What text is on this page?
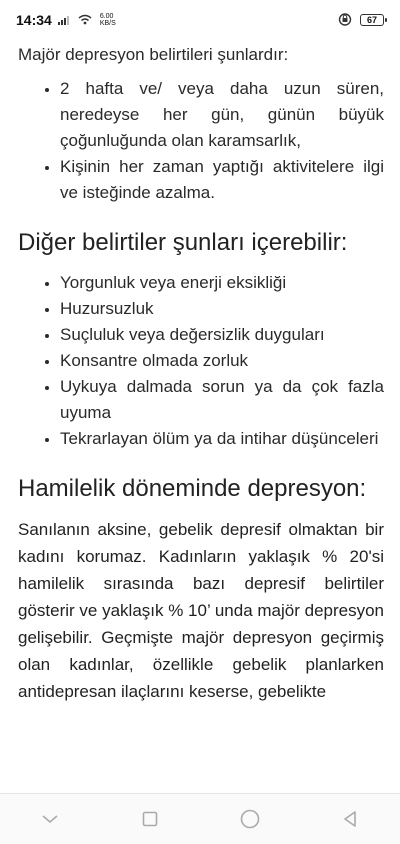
14:34	6.00
KB/S	67
Majör depresyon belirtileri şunlardır:
• 2 hafta ve/ veya daha uzun süren, neredeyse her gün, günün büyük çoğunluğunda olan karamsarlık,
• Kişinin her zaman yaptığı aktivitelere ilgi ve isteğinde azalma.
Diğer belirtiler şunları içerebilir:
• Yorgunluk veya enerji eksikliği
• Huzursuzluk
• Suçluluk veya değersizlik duyguları
• Konsantre olmada zorluk
• Uykuya dalmada sorun ya da çok fazla uyuma
• Tekrarlayan ölüm ya da intihar düşünceleri
Hamilelik döneminde depresyon:

Sanılanın aksine, gebelik depresif olmaktan bir kadını korumaz. Kadınların yaklaşık % 20'si hamilelik sırasında bazı depresif belirtiler gösterir ve yaklaşık % 10’ unda majör depresyon gelişebilir. Geçmişte majör depresyon geçirmiş olan kadınlar, özellikle gebelik planlarken antidepresan ilaçlarını keserse, gebelikte
